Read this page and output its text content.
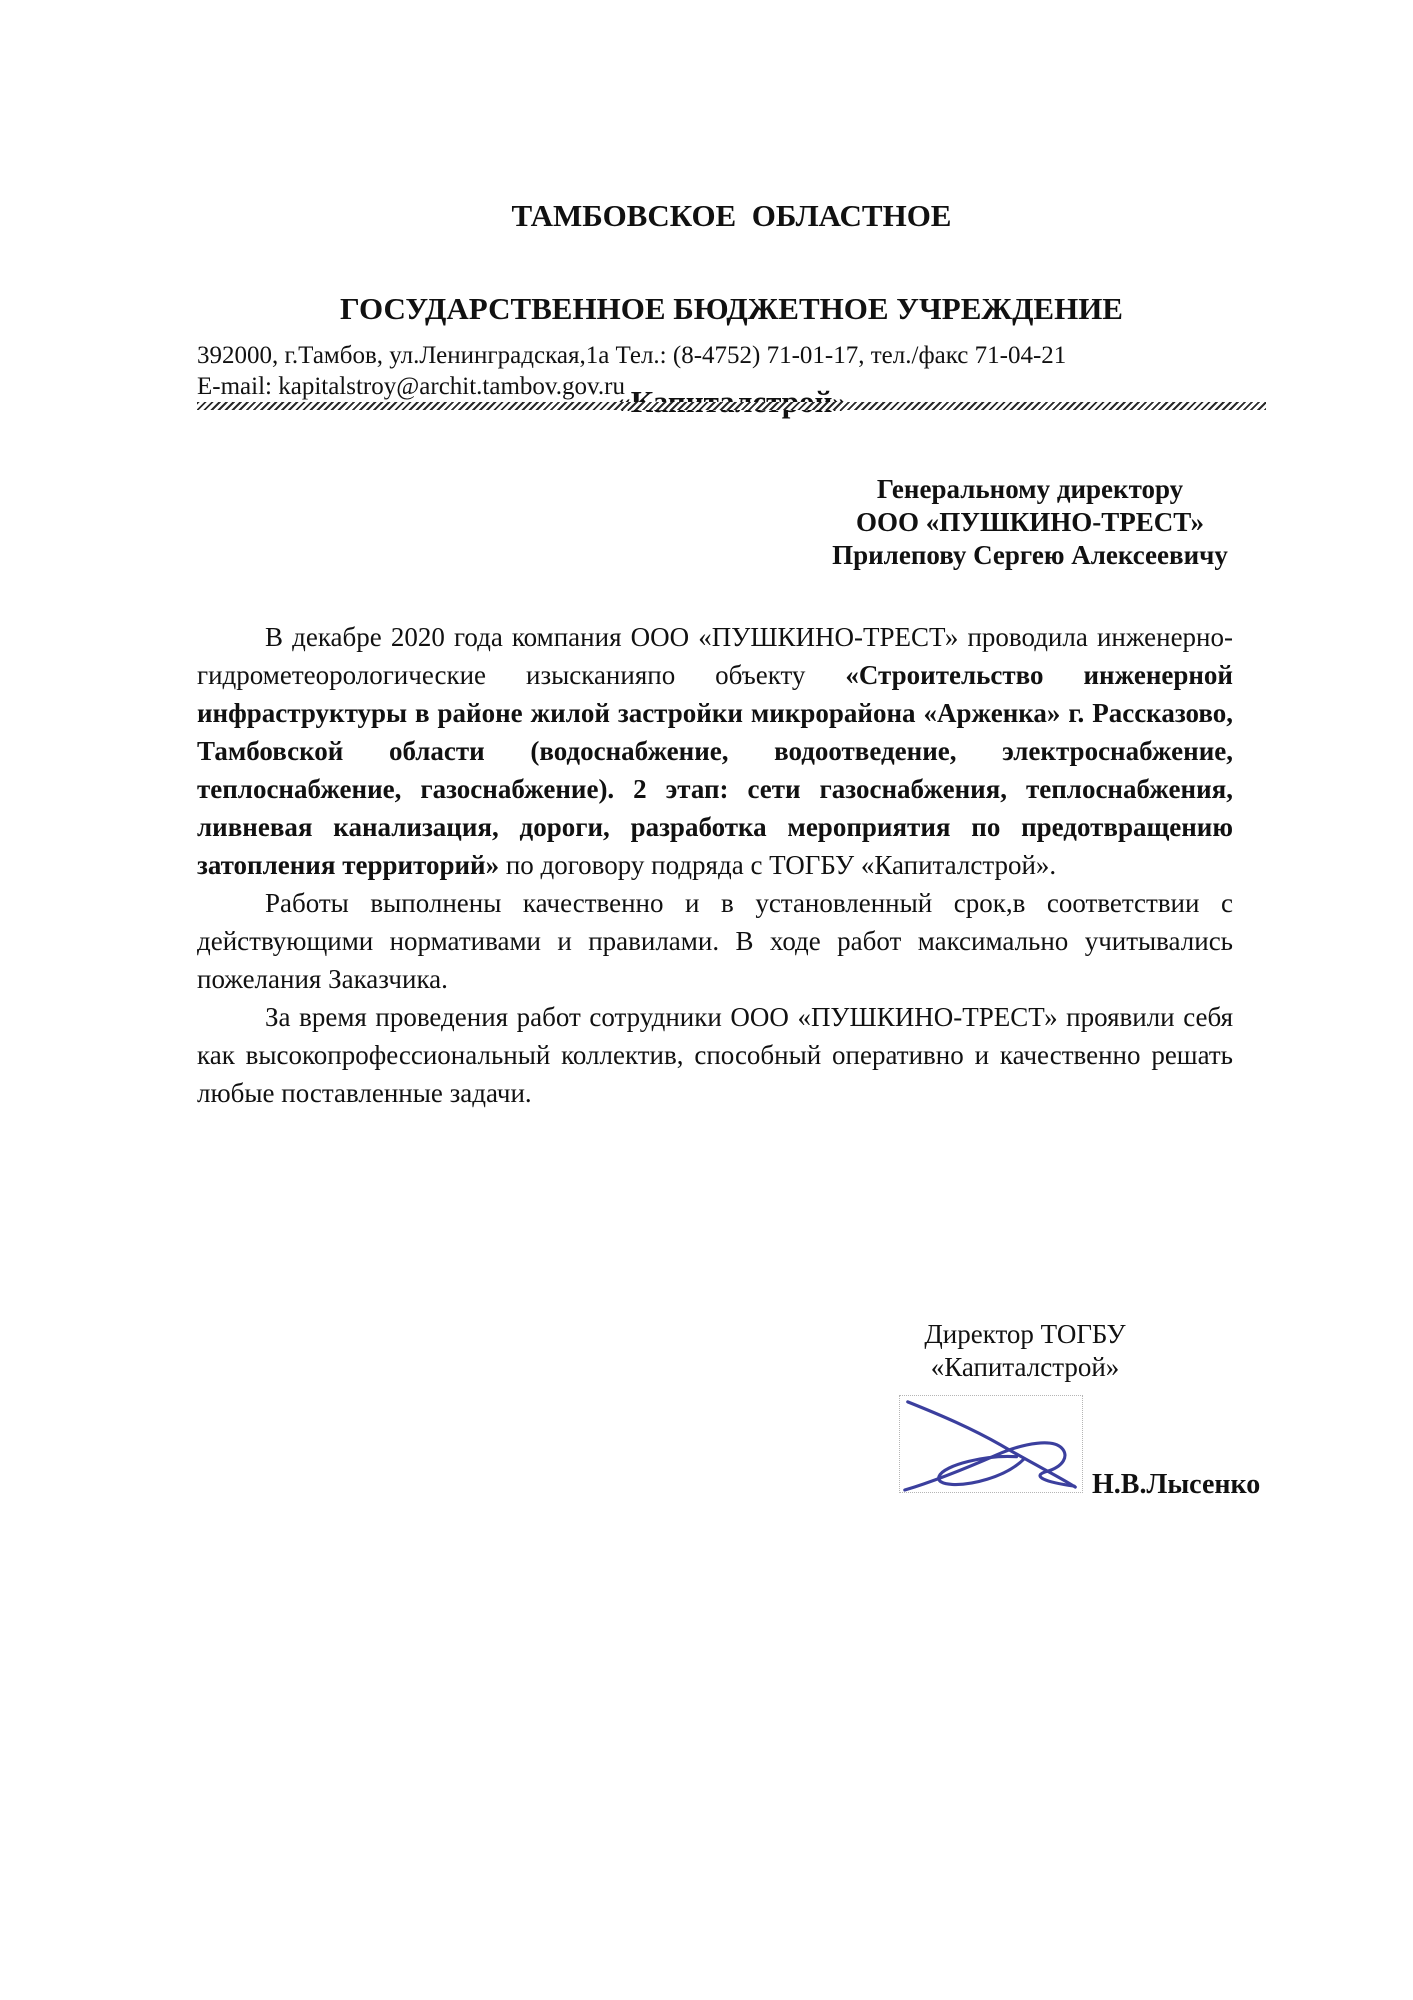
ТАМБОВСКОЕ  ОБЛАСТНОЕ

ГОСУДАРСТВЕННОЕ БЮДЖЕТНОЕ УЧРЕЖДЕНИЕ

392000, г.Тамбов, ул.Ленинградская,1а Тел.: (8-4752) 71-01-17, тел./факс 71-04-21
E-mail: kapitalstroy@archit.tambov.gov.ru
Генеральному директору
ООО «ПУШКИНО-ТРЕСТ»
Прилепову Сергею Алексеевичу

В декабре 2020 года компания ООО «ПУШКИНО-ТРЕСТ» проводила инженерно-гидрометеорологические изысканияпо объекту «Строительство инженерной инфраструктуры в районе жилой застройки микрорайона «Арженка» г. Рассказово, Тамбовской области (водоснабжение, водоотведение, электроснабжение, теплоснабжение, газоснабжение). 2 этап: сети газоснабжения, теплоснабжения, ливневая канализация, дороги, разработка мероприятия по предотвращению затопления территорий» по договору подряда с ТОГБУ «Капиталстрой».

Работы выполнены качественно и в установленный срок,в соответствии с действующими нормативами и правилами. В ходе работ максимально учитывались пожелания Заказчика.

За время проведения работ сотрудники ООО «ПУШКИНО-ТРЕСТ» проявили себя как высокопрофессиональный коллектив, способный оперативно и качественно решать любые поставленные задачи.

Директор ТОГБУ
«Капиталстрой»
Н.В.Лысенко
